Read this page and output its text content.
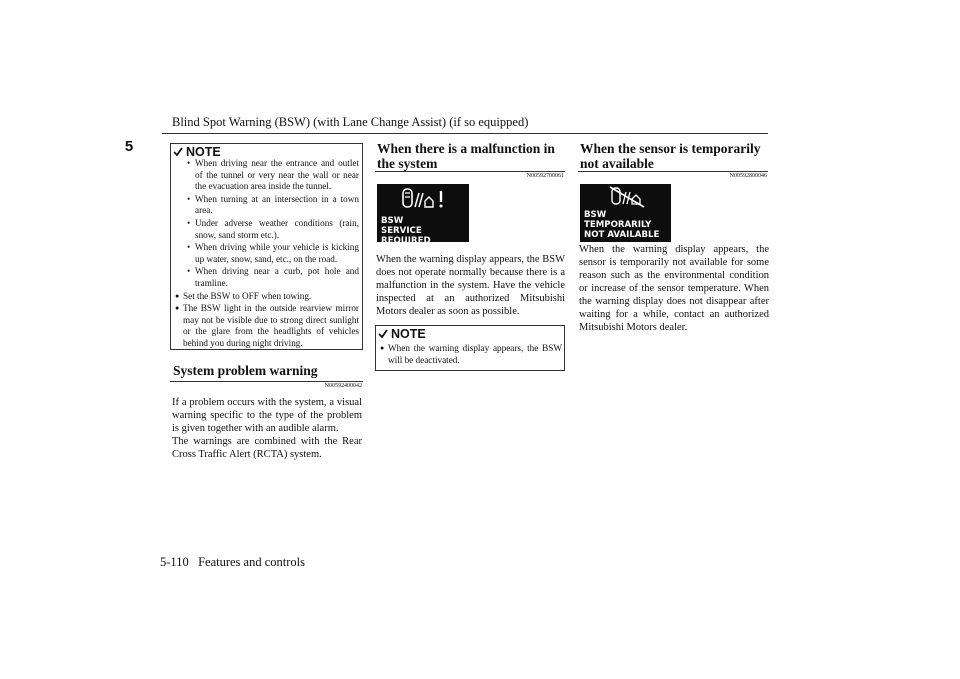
Blind Spot Warning (BSW) (with Lane Change Assist) (if so equipped)
5	NOTE
• When driving near the entrance and outlet of the tunnel or very near the wall or near the evacuation area inside the tunnel.
• When turning at an intersection in a town area.
• Under adverse weather conditions (rain, snow, sand storm etc.).
• When driving while your vehicle is kicking up water, snow, sand, etc., on the road.
• When driving near a curb, pot hole and tramline.
● Set the BSW to OFF when towing.
● The BSW light in the outside rearview mirror may not be visible due to strong direct sunlight or the glare from the headlights of vehicles behind you during night driving.
System problem warning
N00592400042
If a problem occurs with the system, a visual warning specific to the type of the problem is given together with an audible alarm.
The warnings are combined with the Rear Cross Traffic Alert (RCTA) system.
When there is a malfunction in the system
N00592700061
BSW
SERVICE REQUIRED
When the warning display appears, the BSW does not operate normally because there is a malfunction in the system. Have the vehicle inspected at an authorized Mitsubishi Motors dealer as soon as possible.
NOTE
● When the warning display appears, the BSW will be deactivated.
When the sensor is temporarily not available
N00592800046
BSW
TEMPORARILY
NOT AVAILABLE
When the warning display appears, the sensor is temporarily not available for some reason such as the environmental condition or increase of the sensor temperature. When the warning display does not disappear after waiting for a while, contact an authorized Mitsubishi Motors dealer.
5-110 Features and controls
